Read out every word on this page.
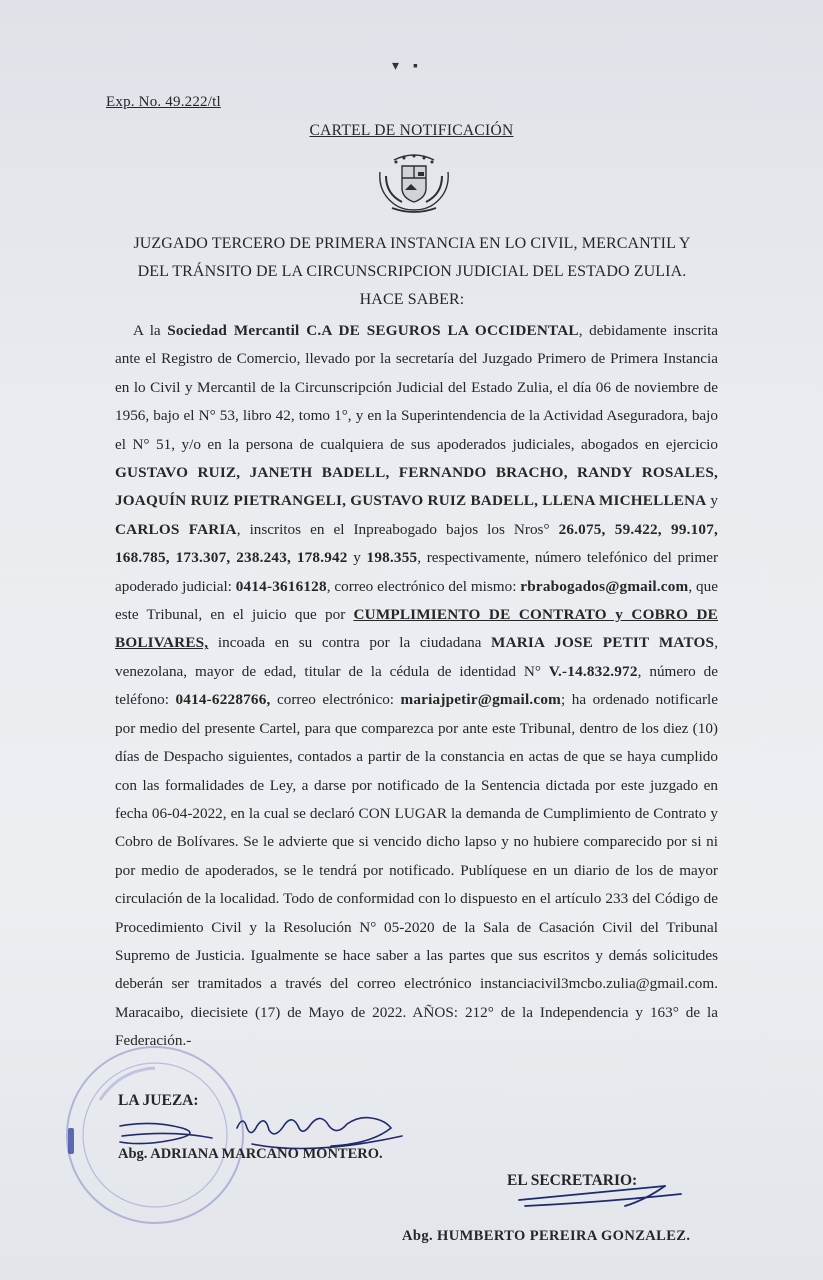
▾    ▪
Exp. No. 49.222/tl
CARTEL DE NOTIFICACIÓN
JUZGADO TERCERO DE PRIMERA INSTANCIA EN LO CIVIL, MERCANTIL Y
DEL TRÁNSITO DE LA CIRCUNSCRIPCION JUDICIAL DEL ESTADO ZULIA.
HACE SABER:

A la Sociedad Mercantil C.A DE SEGUROS LA OCCIDENTAL, debidamente inscrita ante el Registro de Comercio, llevado por la secretaría del Juzgado Primero de Primera Instancia en lo Civil y Mercantil de la Circunscripción Judicial del Estado Zulia, el día 06 de noviembre de 1956, bajo el N° 53, libro 42, tomo 1°, y en la Superintendencia de la Actividad Aseguradora, bajo el N° 51, y/o en la persona de cualquiera de sus apoderados judiciales, abogados en ejercicio GUSTAVO RUIZ, JANETH BADELL, FERNANDO BRACHO, RANDY ROSALES, JOAQUÍN RUIZ PIETRANGELI, GUSTAVO RUIZ BADELL, LLENA MICHELLENA y CARLOS FARIA, inscritos en el Inpreabogado bajos los Nros° 26.075, 59.422, 99.107, 168.785, 173.307, 238.243, 178.942 y 198.355, respectivamente, número telefónico del primer apoderado judicial: 0414-3616128, correo electrónico del mismo: rbrabogados@gmail.com, que este Tribunal, en el juicio que por CUMPLIMIENTO DE CONTRATO y COBRO DE BOLIVARES, incoada en su contra por la ciudadana MARIA JOSE PETIT MATOS, venezolana, mayor de edad, titular de la cédula de identidad N° V.-14.832.972, número de teléfono: 0414-6228766, correo electrónico: mariajpetir@gmail.com; ha ordenado notificarle por medio del presente Cartel, para que comparezca por ante este Tribunal, dentro de los diez (10) días de Despacho siguientes, contados a partir de la constancia en actas de que se haya cumplido con las formalidades de Ley, a darse por notificado de la Sentencia dictada por este juzgado en fecha 06-04-2022, en la cual se declaró CON LUGAR la demanda de Cumplimiento de Contrato y Cobro de Bolívares. Se le advierte que si vencido dicho lapso y no hubiere comparecido por si ni por medio de apoderados, se le tendrá por notificado. Publíquese en un diario de los de mayor circulación de la localidad. Todo de conformidad con lo dispuesto en el artículo 233 del Código de Procedimiento Civil y la Resolución N° 05-2020 de la Sala de Casación Civil del Tribunal Supremo de Justicia. Igualmente se hace saber a las partes que sus escritos y demás solicitudes deberán ser tramitados a través del correo electrónico instanciacivil3mcbo.zulia@gmail.com. Maracaibo, diecisiete (17) de Mayo de 2022. AÑOS: 212° de la Independencia y 163° de la Federación.-

LA JUEZA:
Abg. ADRIANA MARCANO MONTERO.
EL SECRETARIO:
Abg. HUMBERTO PEREIRA GONZALEZ.
